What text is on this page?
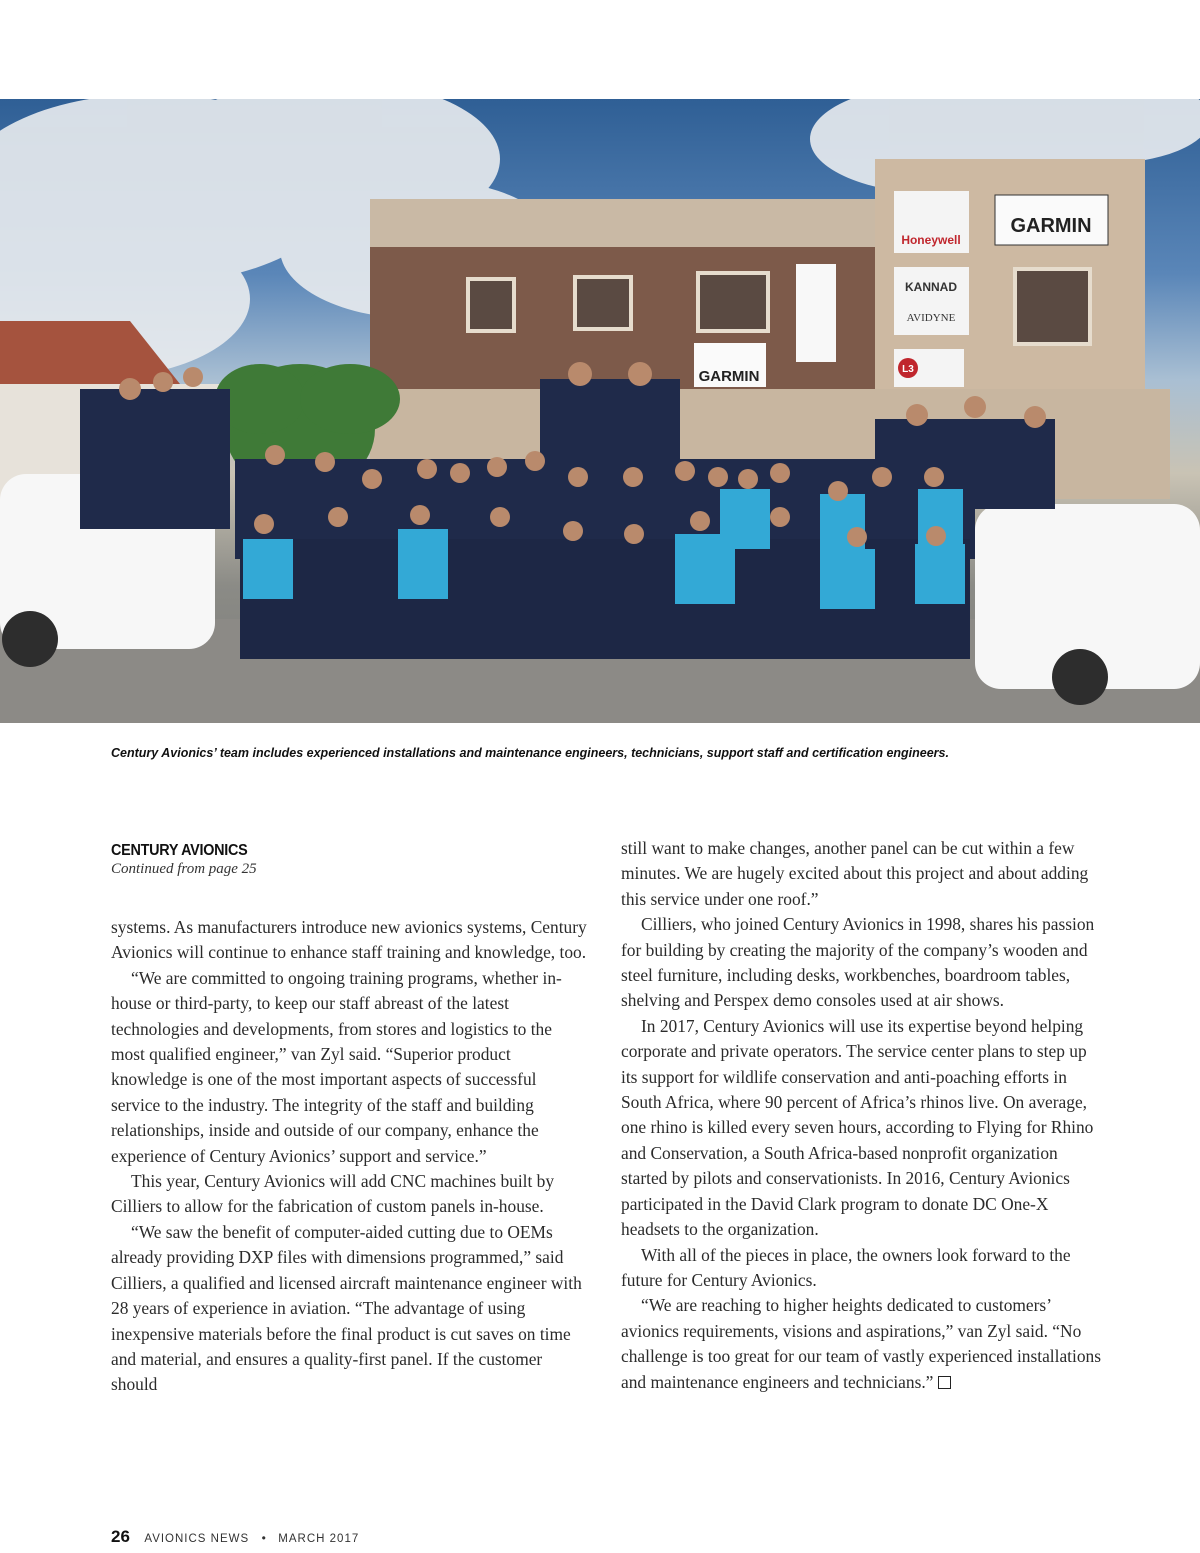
Honeywell
GARMIN
KANNAD
AVIDYNE
L3
GARMIN
Century Avionics’ team includes experienced installations and maintenance engineers, technicians, support staff and certification engineers.
CENTURY AVIONICS
Continued from page 25

systems. As manufacturers introduce new avionics systems, Century Avionics will continue to enhance staff training and knowledge, too.

“We are committed to ongoing training programs, whether in-house or third-party, to keep our staff abreast of the latest technologies and developments, from stores and logistics to the most qualified engineer,” van Zyl said. “Superior product knowledge is one of the most important aspects of successful service to the industry. The integrity of the staff and building relationships, inside and outside of our company, enhance the experience of Century Avionics’ support and service.”

This year, Century Avionics will add CNC machines built by Cilliers to allow for the fabrication of custom panels in-house.

“We saw the benefit of computer-aided cutting due to OEMs already providing DXP files with dimensions programmed,” said Cilliers, a qualified and licensed aircraft maintenance engineer with 28 years of experience in aviation. “The advantage of using inexpensive materials before the final product is cut saves on time and material, and ensures a quality-first panel. If the customer should

still want to make changes, another panel can be cut within a few minutes. We are hugely excited about this project and about adding this service under one roof.”

Cilliers, who joined Century Avionics in 1998, shares his passion for building by creating the majority of the company’s wooden and steel furniture, including desks, workbenches, boardroom tables, shelving and Perspex demo consoles used at air shows.

In 2017, Century Avionics will use its expertise beyond helping corporate and private operators. The service center plans to step up its support for wildlife conservation and anti-poaching efforts in South Africa, where 90 percent of Africa’s rhinos live. On average, one rhino is killed every seven hours, according to Flying for Rhino and Conservation, a South Africa-based nonprofit organization started by pilots and conservationists. In 2016, Century Avionics participated in the David Clark program to donate DC One-X headsets to the organization.

With all of the pieces in place, the owners look forward to the future for Century Avionics.

“We are reaching to higher heights dedicated to customers’ avionics requirements, visions and aspirations,” van Zyl said. “No challenge is too great for our team of vastly experienced installations and maintenance engineers and technicians.”

26 AVIONICS NEWS • MARCH 2017
